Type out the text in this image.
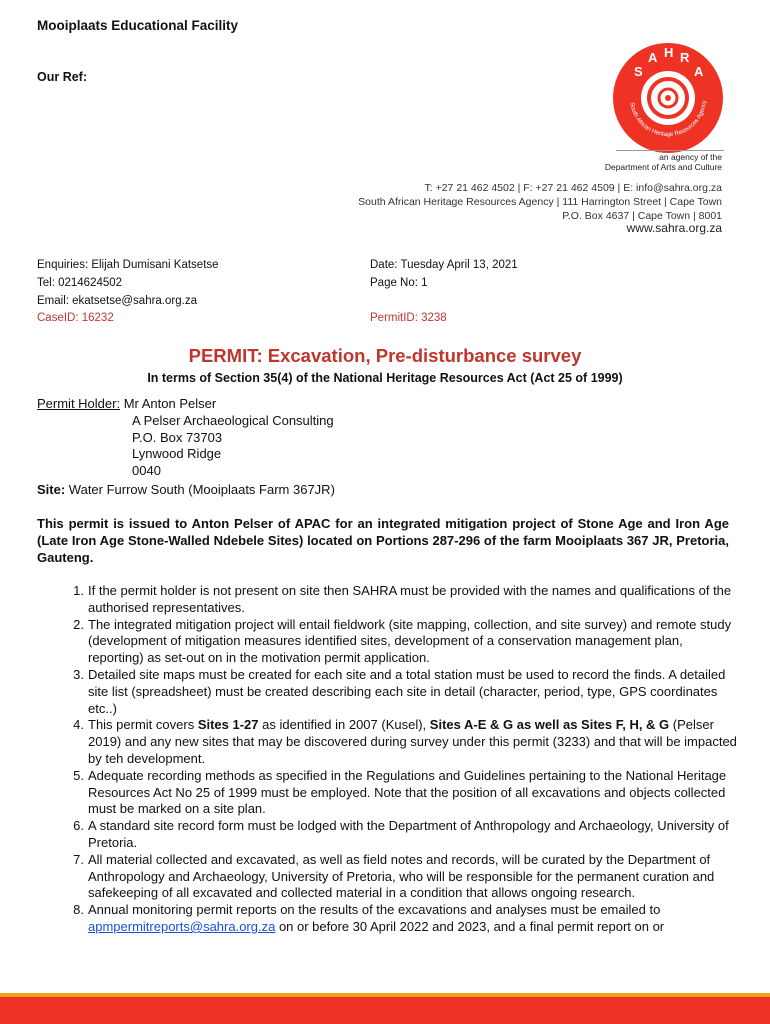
Mooiplaats Educational Facility
Our Ref:	S
A H R
A
South African Heritage Resources Agency
an agency of the
Department of Arts and Culture
T: +27 21 462 4502 | F: +27 21 462 4509 | E: info@sahra.org.za
South African Heritage Resources Agency | 111 Harrington Street | Cape Town
P.O. Box 4637 | Cape Town | 8001
www.sahra.org.za
Enquiries: Elijah Dumisani Katsetse
Tel: 0214624502
Email: ekatsetse@sahra.org.za
CaseID: 16232
Date: Tuesday April 13, 2021
Page No: 1
PermitID: 3238
PERMIT: Excavation, Pre-disturbance survey
In terms of Section 35(4) of the National Heritage Resources Act (Act 25 of 1999)
Permit Holder: Mr Anton Pelser
A Pelser Archaeological Consulting
P.O. Box 73703
Lynwood Ridge
0040
Site: Water Furrow South (Mooiplaats Farm 367JR)
This permit is issued to Anton Pelser of APAC for an integrated mitigation project of Stone Age and Iron Age (Late Iron Age Stone-Walled Ndebele Sites) located on Portions 287-296 of the farm Mooiplaats 367 JR, Pretoria, Gauteng.
1. If the permit holder is not present on site then SAHRA must be provided with the names and qualifications of the authorised representatives.
2. The integrated mitigation project will entail fieldwork (site mapping, collection, and site survey) and remote study (development of mitigation measures identified sites, development of a conservation management plan, reporting) as set-out on in the motivation permit application.
3. Detailed site maps must be created for each site and a total station must be used to record the finds. A detailed site list (spreadsheet) must be created describing each site in detail (character, period, type, GPS coordinates etc..)
4. This permit covers Sites 1-27 as identified in 2007 (Kusel), Sites A-E & G as well as Sites F, H, & G (Pelser 2019) and any new sites that may be discovered during survey under this permit (3233) and that will be impacted by teh development.
5. Adequate recording methods as specified in the Regulations and Guidelines pertaining to the National Heritage Resources Act No 25 of 1999 must be employed. Note that the position of all excavations and objects collected must be marked on a site plan.
6. A standard site record form must be lodged with the Department of Anthropology and Archaeology, University of Pretoria.
7. All material collected and excavated, as well as field notes and records, will be curated by the Department of Anthropology and Archaeology, University of Pretoria, who will be responsible for the permanent curation and safekeeping of all excavated and collected material in a condition that allows ongoing research.
8. Annual monitoring permit reports on the results of the excavations and analyses must be emailed to apmpermitreports@sahra.org.za on or before 30 April 2022 and 2023, and a final permit report on or
